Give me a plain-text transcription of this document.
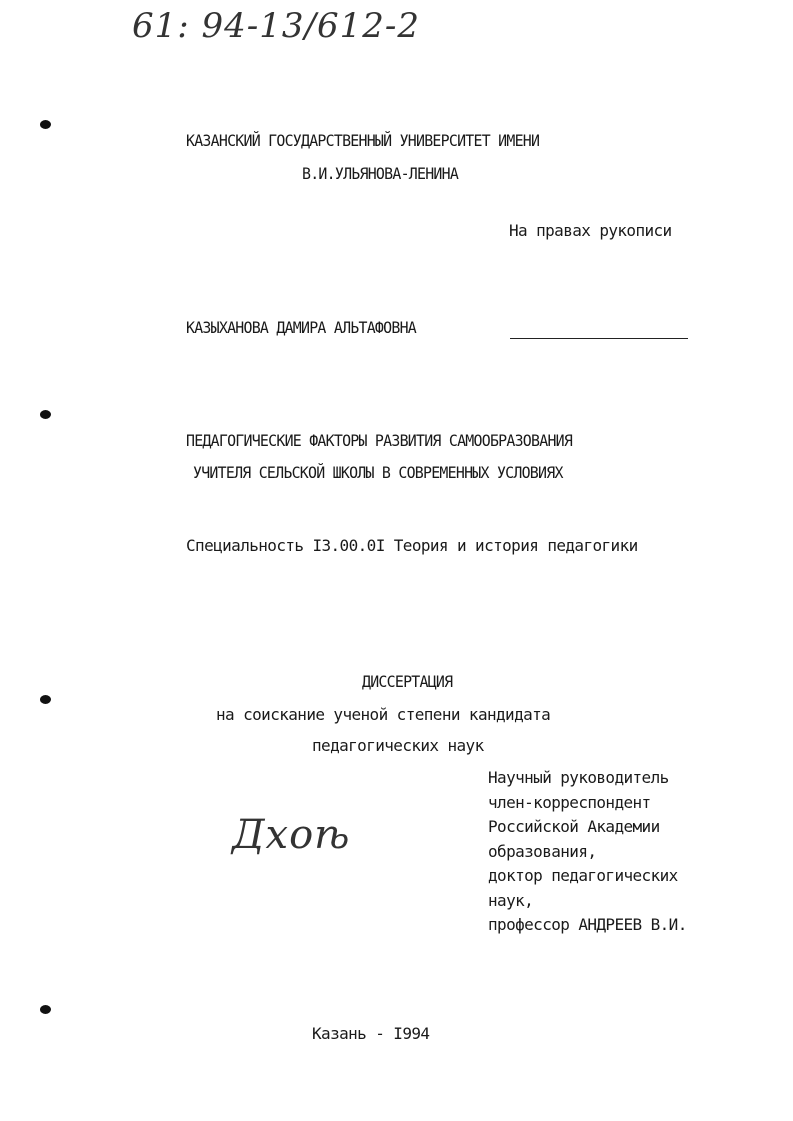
61: 94-13/612-2
КАЗАНСКИЙ ГОСУДАРСТВЕННЫЙ УНИВЕРСИТЕТ ИМЕНИ
В.И.УЛЬЯНОВА-ЛЕНИНА
На правах рукописи
КАЗЫХАНОВА ДАМИРА АЛЬТАФОВНА
ПЕДАГОГИЧЕСКИЕ ФАКТОРЫ РАЗВИТИЯ САМООБРАЗОВАНИЯ
УЧИТЕЛЯ СЕЛЬСКОЙ ШКОЛЫ В СОВРЕМЕННЫХ УСЛОВИЯХ
Специальность I3.00.0I Теория и история педагогики
ДИССЕРТАЦИЯ
на соискание ученой степени кандидата
педагогических наук
Научный руководитель
член-корреспондент
Российской Академии
образования,
доктор педагогических
наук,
профессор АНДРЕЕВ В.И.
Дхоѣ
Казань - I994
